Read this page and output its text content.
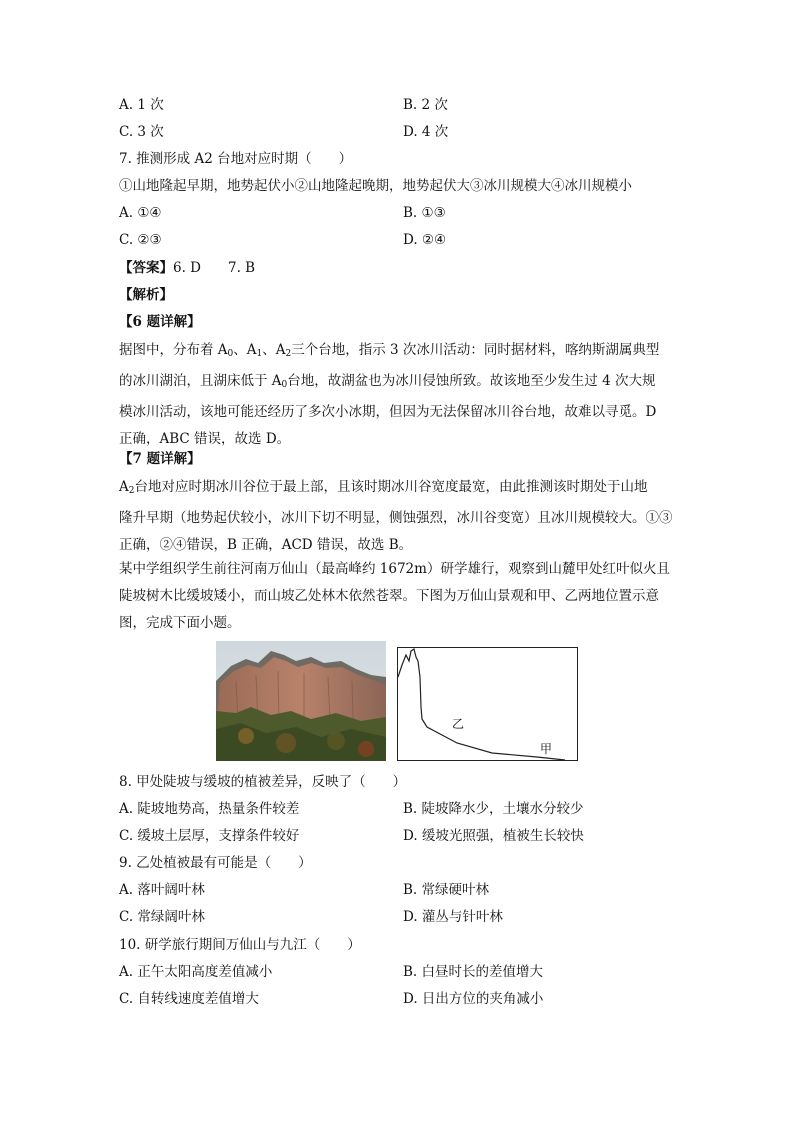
A. 1 次	B. 2 次
C. 3 次	D. 4 次
7. 推测形成 A2 台地对应时期（　　）
①山地隆起早期，地势起伏小②山地隆起晚期，地势起伏大③冰川规模大④冰川规模小
A. ①④	B. ①③
C. ②③	D. ②④
【答案】6. D　　7. B
【解析】
【6 题详解】
据图中，分布着 $A_0$、$A_1$、$A_2$三个台地，指示 3 次冰川活动：同时据材料，喀纳斯湖属典型
的冰川湖泊，且湖床低于 $A_0$台地，故湖盆也为冰川侵蚀所致。故该地至少发生过 4 次大规
模冰川活动，该地可能还经历了多次小冰期，但因为无法保留冰川谷台地，故难以寻觅。D
正确，ABC 错误，故选 D。
【7 题详解】
$A_2$台地对应时期冰川谷位于最上部，且该时期冰川谷宽度最宽，由此推测该时期处于山地
隆升早期（地势起伏较小，冰川下切不明显，侧蚀强烈，冰川谷变宽）且冰川规模较大。①③
正确，②④错误，B 正确，ACD 错误，故选 B。
某中学组织学生前往河南万仙山（最高峰约 1672m）研学雄行，观察到山麓甲处红叶似火且
陡坡树木比缓坡矮小，而山坡乙处林木依然苍翠。下图为万仙山景观和甲、乙两地位置示意
图，完成下面小题。
乙
甲
8. 甲处陡坡与缓坡的植被差异，反映了（　　）
A. 陡坡地势高，热量条件较差	B. 陡坡降水少，土壤水分较少
C. 缓坡土层厚，支撑条件较好	D. 缓坡光照强，植被生长较快
9. 乙处植被最有可能是（　　）
A. 落叶阔叶林	B. 常绿硬叶林
C. 常绿阔叶林	D. 灌丛与针叶林
10. 研学旅行期间万仙山与九江（　　）
A. 正午太阳高度差值减小	B. 白昼时长的差值增大
C. 自转线速度差值增大	D. 日出方位的夹角减小
